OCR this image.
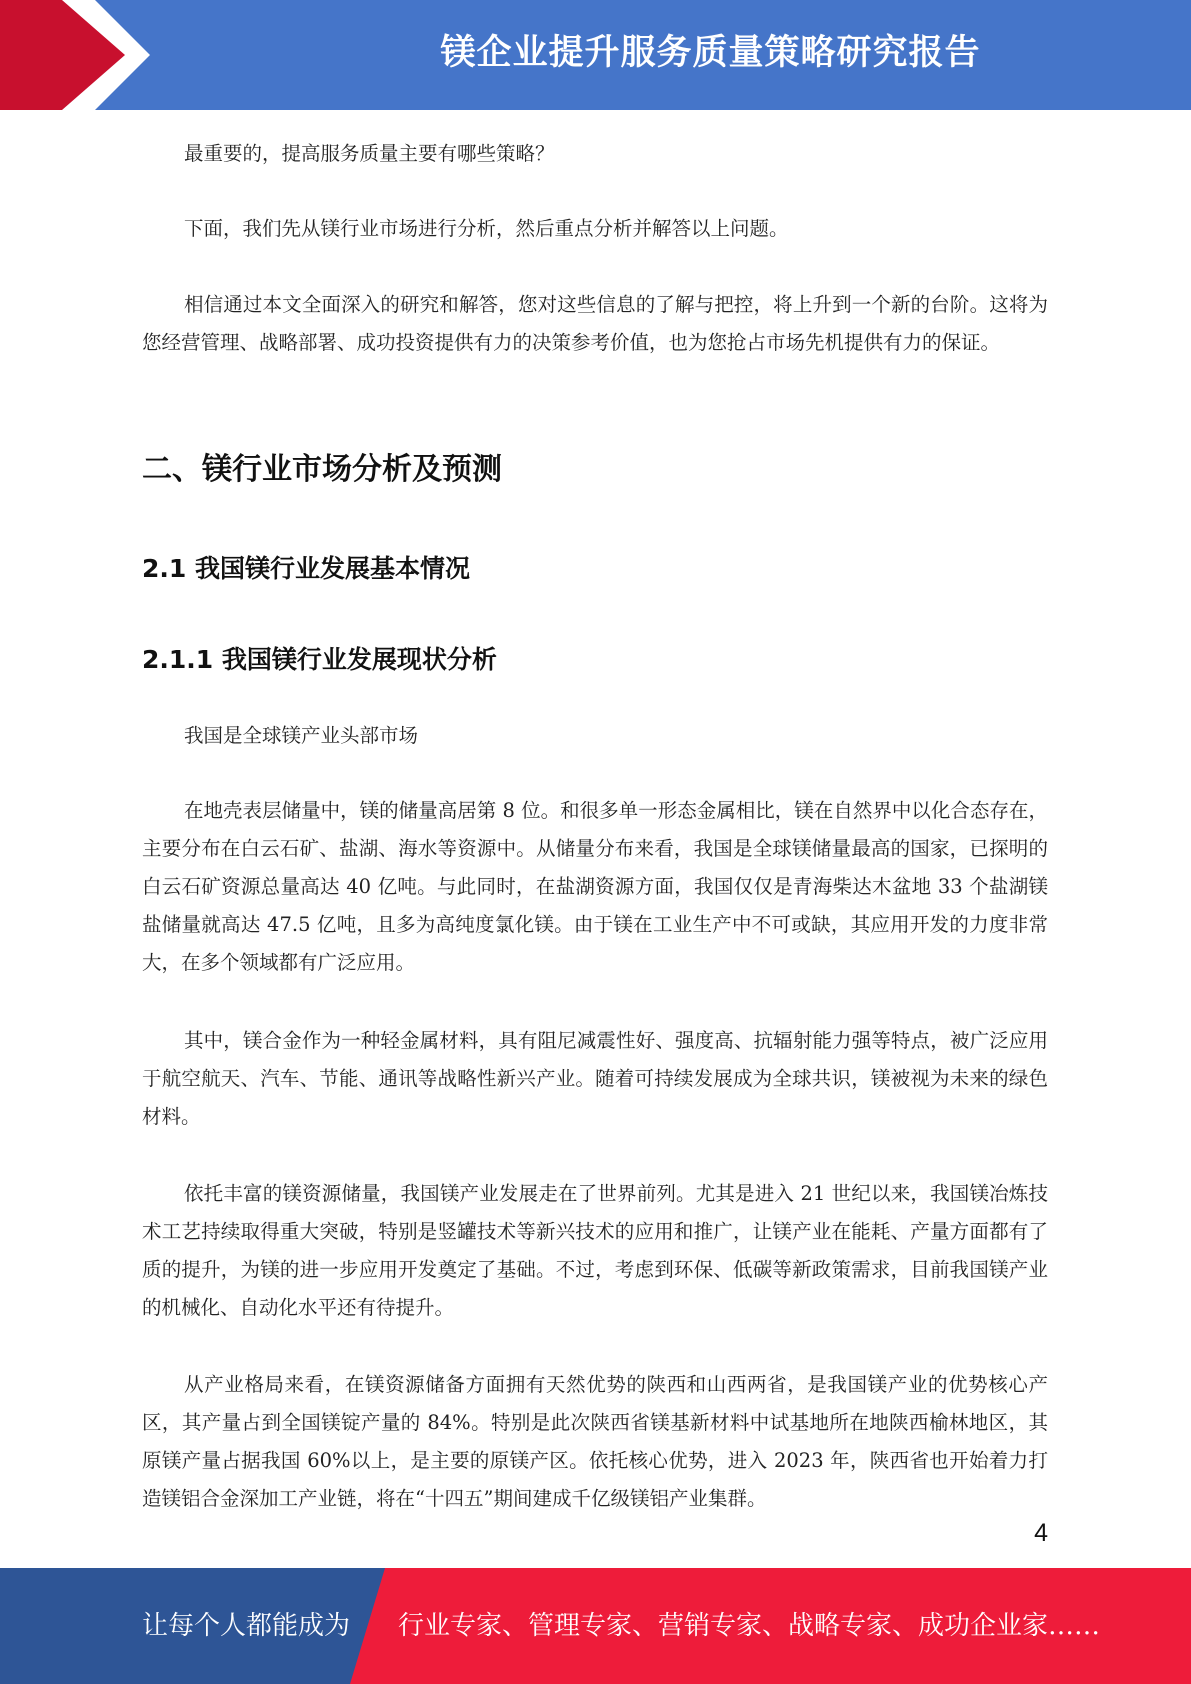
镁企业提升服务质量策略研究报告

最重要的，提高服务质量主要有哪些策略？

下面，我们先从镁行业市场进行分析，然后重点分析并解答以上问题。

相信通过本文全面深入的研究和解答，您对这些信息的了解与把控，将上升到一个新的台阶。这将为您经营管理、战略部署、成功投资提供有力的决策参考价值，也为您抢占市场先机提供有力的保证。

二、镁行业市场分析及预测
2.1 我国镁行业发展基本情况
2.1.1 我国镁行业发展现状分析

我国是全球镁产业头部市场

在地壳表层储量中，镁的储量高居第 8 位。和很多单一形态金属相比，镁在自然界中以化合态存在，主要分布在白云石矿、盐湖、海水等资源中。从储量分布来看，我国是全球镁储量最高的国家，已探明的白云石矿资源总量高达 40 亿吨。与此同时，在盐湖资源方面，我国仅仅是青海柴达木盆地 33 个盐湖镁盐储量就高达 47.5 亿吨，且多为高纯度氯化镁。由于镁在工业生产中不可或缺，其应用开发的力度非常大，在多个领域都有广泛应用。

其中，镁合金作为一种轻金属材料，具有阻尼减震性好、强度高、抗辐射能力强等特点，被广泛应用于航空航天、汽车、节能、通讯等战略性新兴产业。随着可持续发展成为全球共识，镁被视为未来的绿色材料。

依托丰富的镁资源储量，我国镁产业发展走在了世界前列。尤其是进入 21 世纪以来，我国镁冶炼技术工艺持续取得重大突破，特别是竖罐技术等新兴技术的应用和推广，让镁产业在能耗、产量方面都有了质的提升，为镁的进一步应用开发奠定了基础。不过，考虑到环保、低碳等新政策需求，目前我国镁产业的机械化、自动化水平还有待提升。

从产业格局来看，在镁资源储备方面拥有天然优势的陕西和山西两省，是我国镁产业的优势核心产区，其产量占到全国镁锭产量的 84%。特别是此次陕西省镁基新材料中试基地所在地陕西榆林地区，其原镁产量占据我国 60%以上，是主要的原镁产区。依托核心优势，进入 2023 年，陕西省也开始着力打造镁铝合金深加工产业链，将在“十四五”期间建成千亿级镁铝产业集群。

4
让每个人都能成为 行业专家、管理专家、营销专家、战略专家、成功企业家……
